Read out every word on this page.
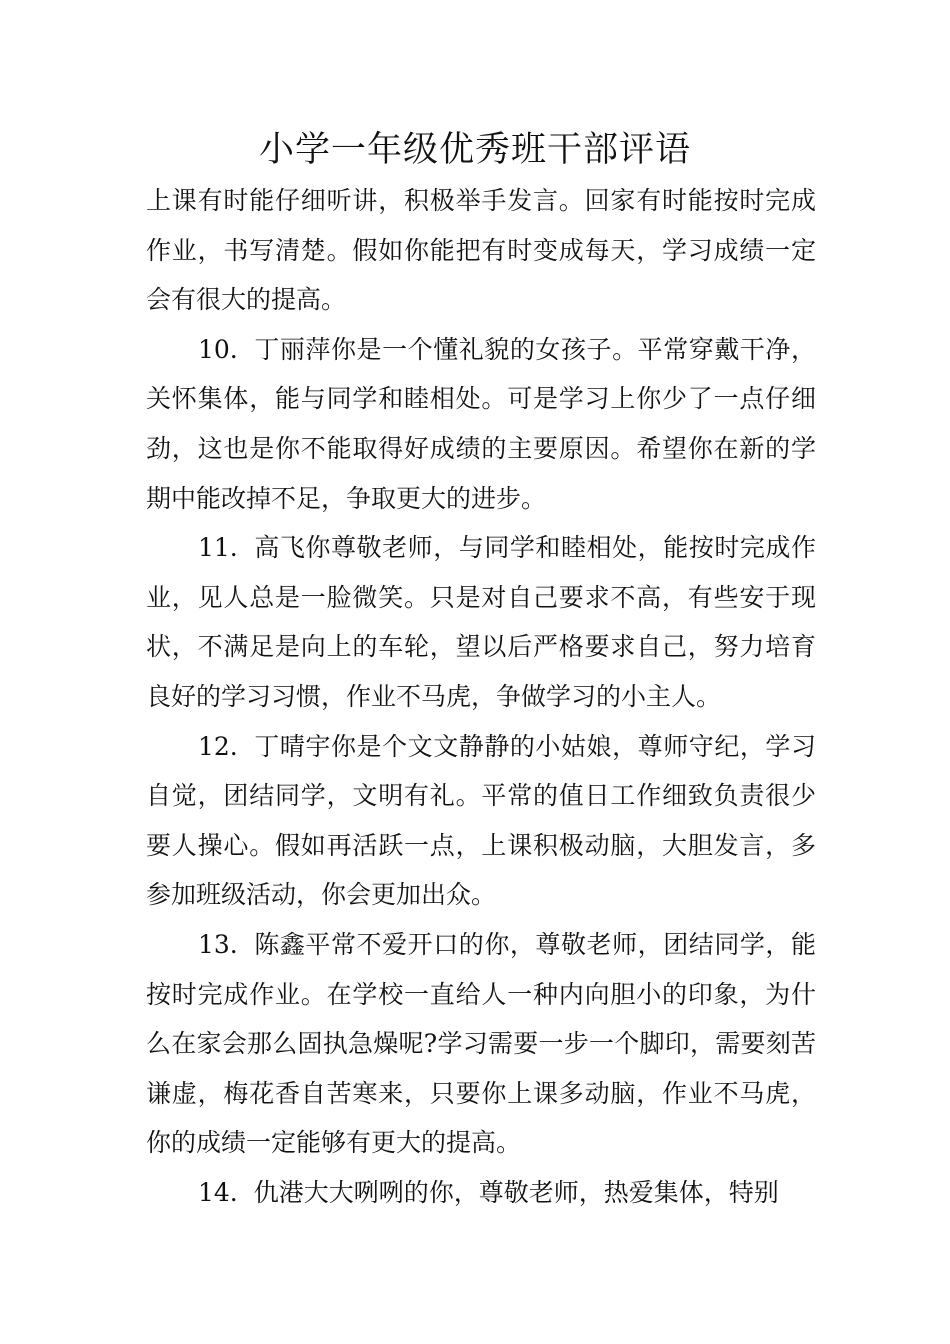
小学一年级优秀班干部评语

上课有时能仔细听讲，积极举手发言。回家有时能按时完成作业，书写清楚。假如你能把有时变成每天，学习成绩一定会有很大的提高。

10. 丁丽萍你是一个懂礼貌的女孩子。平常穿戴干净，关怀集体，能与同学和睦相处。可是学习上你少了一点仔细劲，这也是你不能取得好成绩的主要原因。希望你在新的学期中能改掉不足，争取更大的进步。

11. 高飞你尊敬老师，与同学和睦相处，能按时完成作业，见人总是一脸微笑。只是对自己要求不高，有些安于现状，不满足是向上的车轮，望以后严格要求自己，努力培育良好的学习习惯，作业不马虎，争做学习的小主人。

12. 丁晴宇你是个文文静静的小姑娘，尊师守纪，学习自觉，团结同学，文明有礼。平常的值日工作细致负责很少要人操心。假如再活跃一点，上课积极动脑，大胆发言，多参加班级活动，你会更加出众。

13. 陈鑫平常不爱开口的你，尊敬老师，团结同学，能按时完成作业。在学校一直给人一种内向胆小的印象，为什么在家会那么固执急燥呢?学习需要一步一个脚印，需要刻苦谦虚，梅花香自苦寒来，只要你上课多动脑，作业不马虎，你的成绩一定能够有更大的提高。

14. 仇港大大咧咧的你，尊敬老师，热爱集体，特别
